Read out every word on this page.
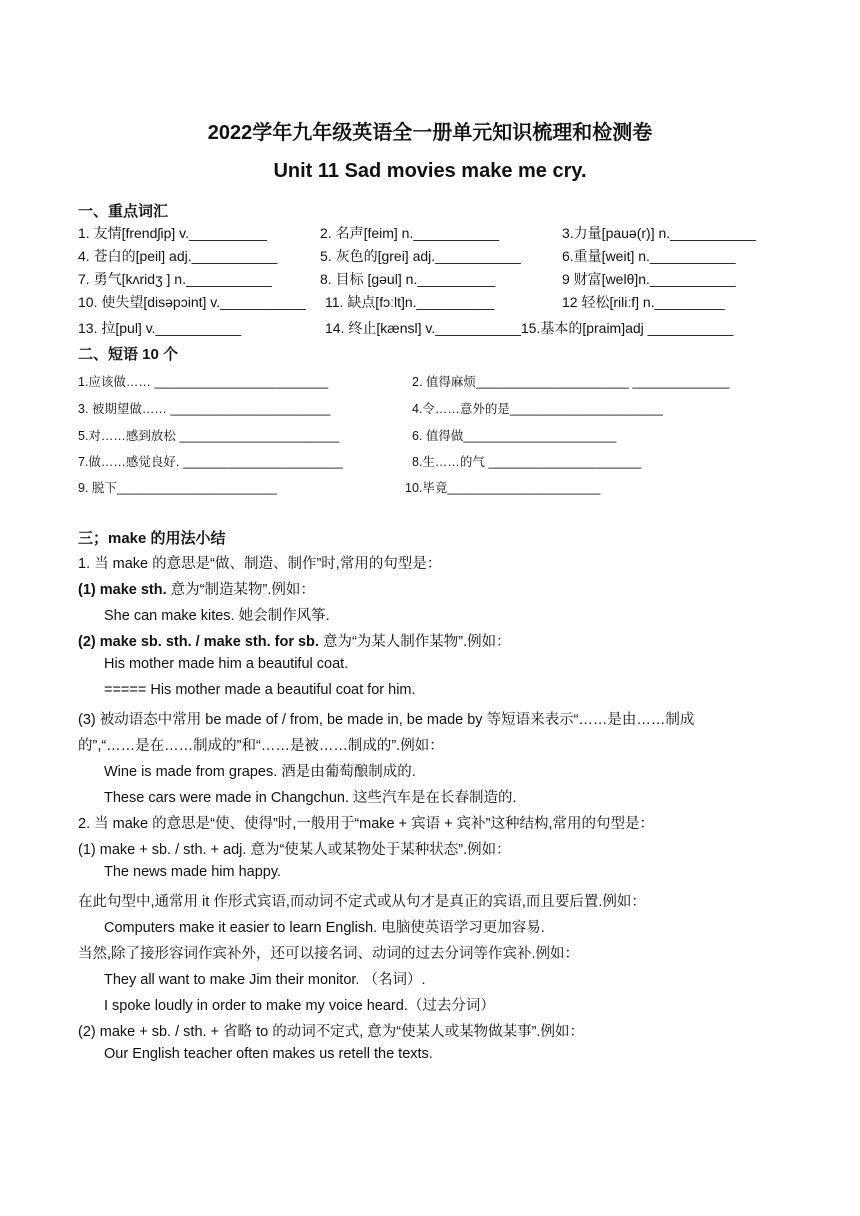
2022学年九年级英语全一册单元知识梳理和检测卷
Unit 11 Sad movies make me cry.
一、重点词汇
1. 友情[frendʃip] v.__________	2. 名声[feim] n.___________	3.力量[pauə(r)] n.___________
4. 苍白的[peil] adj.___________	5. 灰色的[grei] adj.___________	6.重量[weit] n.___________
7. 勇气[kʌridʒ ] n.___________	8. 目标 [gəul] n.__________	9 财富[welθ]n.___________
10. 使失望[disəpɔint] v.___________ 11. 缺点[fɔːlt]n.__________	12 轻松[riliːf] n._________
13. 拉[pul] v.___________	14. 终止[kænsl] v.___________15.基本的[praim]adj ___________
二、短语 10 个
1.应该做…… _________________________	2. 值得麻烦______________________ ______________
3. 被期望做…… _______________________	4.令……意外的是______________________
5.对……感到放松 _______________________	6. 值得做______________________
7.做……感觉良好. _______________________	8.生……的气 ______________________
9. 脱下_______________________	10.毕竟______________________
三；make 的用法小结
1. 当 make 的意思是“做、制造、制作”时,常用的句型是：
(1) make sth. 意为“制造某物”.例如：
She can make kites. 她会制作风筝.
(2) make sb. sth. / make sth. for sb. 意为“为某人制作某物”.例如：
His mother made him a beautiful coat.
===== His mother made a beautiful coat for him.
(3) 被动语态中常用 be made of / from, be made in, be made by 等短语来表示“……是由……制成
的”,“……是在……制成的”和“……是被……制成的”.例如：
Wine is made from grapes. 酒是由葡萄酿制成的.
These cars were made in Changchun. 这些汽车是在长春制造的.
2. 当 make 的意思是“使、使得”时,一般用于“make + 宾语 + 宾补”这种结构,常用的句型是：
(1) make + sb. / sth. + adj. 意为“使某人或某物处于某种状态”.例如：
The news made him happy.
在此句型中,通常用 it 作形式宾语,而动词不定式或从句才是真正的宾语,而且要后置.例如：
Computers make it easier to learn English. 电脑使英语学习更加容易.
当然,除了接形容词作宾补外，还可以接名词、动词的过去分词等作宾补.例如：
They all want to make Jim their monitor. （名词）.
I spoke loudly in order to make my voice heard.（过去分词）
(2) make + sb. / sth. + 省略 to 的动词不定式, 意为“使某人或某物做某事”.例如：
Our English teacher often makes us retell the texts.
